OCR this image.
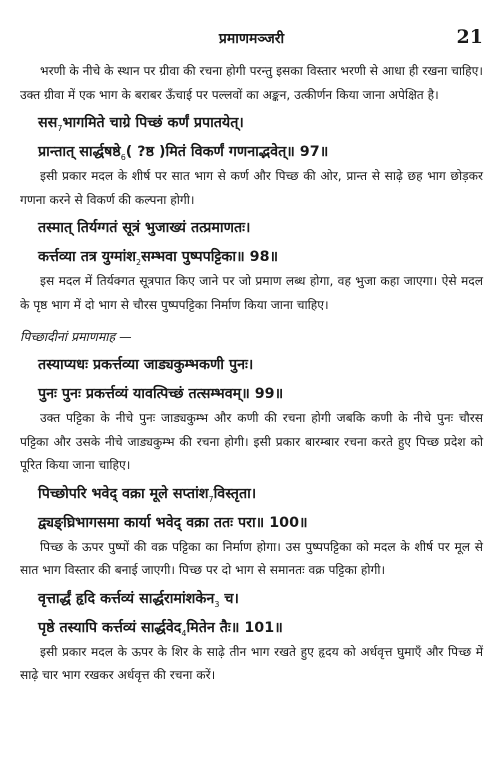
प्रमाणमञ्जरी	21

भरणी के नीचे के स्थान पर ग्रीवा की रचना होगी परन्तु इसका विस्तार भरणी से आधा ही रखना चाहिए। उक्त ग्रीवा में एक भाग के बराबर ऊँचाई पर पल्लवों का अङ्कन, उत्कीर्णन किया जाना अपेक्षित है।

सस$_7$भागमिते चाग्रे पिच्छं कर्णं प्रपातयेत्।

प्रान्तात् $सार्द्धषष्ठे_6$( ?ष्ठ )मितं विकर्णं गणनाद्भवेत्॥ 97॥

इसी प्रकार मदल के शीर्ष पर सात भाग से कर्ण और पिच्छ की ओर, प्रान्त से साढ़े छह भाग छोड़कर गणना करने से विकर्ण की कल्पना होगी।

तस्मात् तिर्यग्गतं सूत्रं भुजाख्यं तत्प्रमाणतः।

कर्त्तव्या तत्र युग्मांश$_2$सम्भवा पुष्पपट्टिका॥ 98॥

इस मदल में तिर्यक्गत सूत्रपात किए जाने पर जो प्रमाण लब्ध होगा, वह भुजा कहा जाएगा। ऐसे मदल के पृष्ठ भाग में दो भाग से चौरस पुष्पपट्टिका निर्माण किया जाना चाहिए।

पिच्छादीनां प्रमाणमाह —

तस्याप्यधः प्रकर्त्तव्या जाड्यकुम्भकणी पुनः।

पुनः पुनः प्रकर्त्तव्यं यावत्पिच्छं तत्सम्भवम्॥ 99॥

उक्त पट्टिका के नीचे पुनः जाड्यकुम्भ और कणी की रचना होगी जबकि कणी के नीचे पुनः चौरस पट्टिका और उसके नीचे जाड्यकुम्भ की रचना होगी। इसी प्रकार बारम्बार रचना करते हुए पिच्छ प्रदेश को पूरित किया जाना चाहिए।

पिच्छोपरि भवेद् वक्रा मूले सप्तांश$_7$विस्तृता।

द्व्यङ्घ्रिभागसमा कार्या भवेद् वक्रा ततः परा॥ 100॥

पिच्छ के ऊपर पुष्पों की वक्र पट्टिका का निर्माण होगा। उस पुष्पपट्टिका को मदल के शीर्ष पर मूल से सात भाग विस्तार की बनाई जाएगी। पिच्छ पर दो भाग से समानतः वक्र पट्टिका होगी।

वृत्तार्द्धं हृदि कर्त्तव्यं सार्द्धरामांशकेन$_3$ च।

पृष्ठे तस्यापि कर्त्तव्यं सार्द्धवेद$_4$मितेन तैः॥ 101॥

इसी प्रकार मदल के ऊपर के शिर के साढ़े तीन भाग रखते हुए हृदय को अर्धवृत्त घुमाएँ और पिच्छ में साढ़े चार भाग रखकर अर्धवृत्त की रचना करें।
